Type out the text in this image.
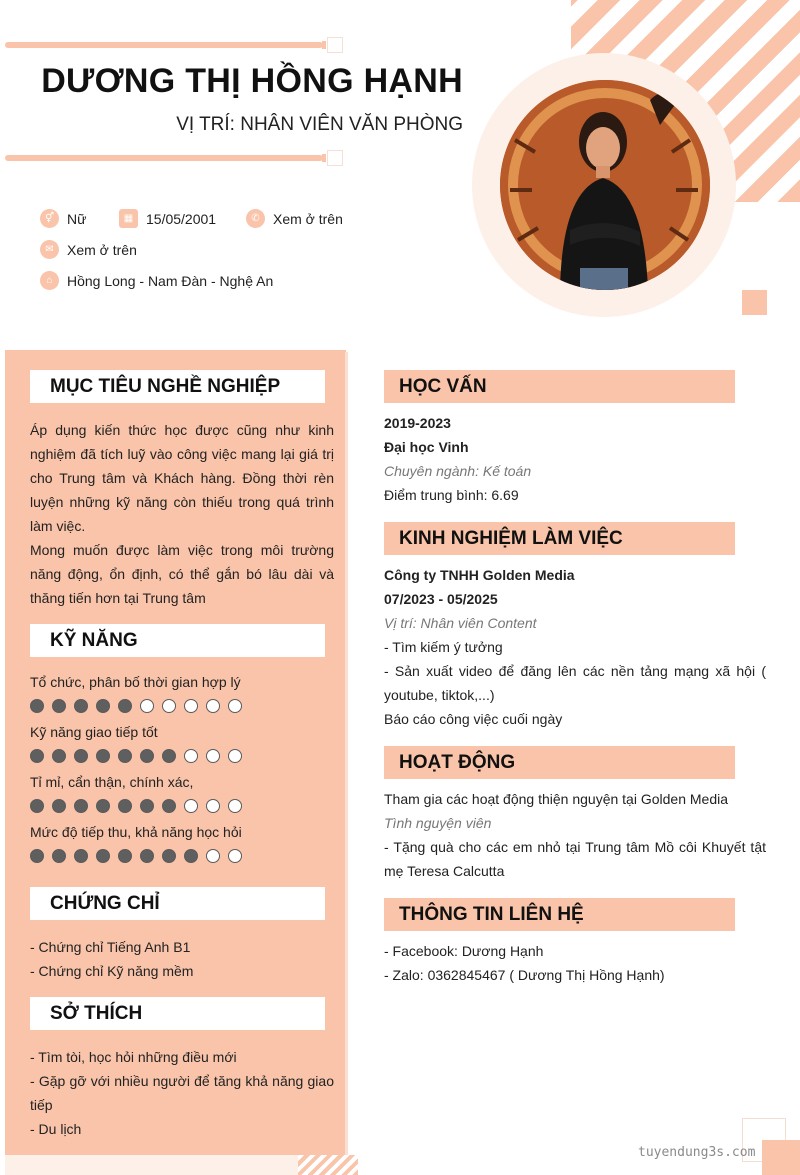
DƯƠNG THỊ HỒNG HẠNH
VỊ TRÍ: NHÂN VIÊN VĂN PHÒNG
⚥ Nữ	▦ 15/05/2001	✆ Xem ở trên
✉ Xem ở trên
⌂	Hồng Long - Nam Đàn - Nghệ An
MỤC TIÊU NGHỀ NGHIỆP
Áp dụng kiến thức học được cũng như kinh nghiệm đã tích luỹ vào công việc mang lại giá trị cho Trung tâm và Khách hàng. Đồng thời rèn luyện những kỹ năng còn thiếu trong quá trình làm việc.
Mong muốn được làm việc trong môi trường năng động, ổn định, có thể gắn bó lâu dài và thăng tiến hơn tại Trung tâm
KỸ NĂNG
Tổ chức, phân bố thời gian hợp lý
Kỹ năng giao tiếp tốt
Tỉ mỉ, cẩn thận, chính xác,
Mức độ tiếp thu, khả năng học hỏi
CHỨNG CHỈ
- Chứng chỉ Tiếng Anh B1
- Chứng chỉ Kỹ năng mềm
SỞ THÍCH
- Tìm tòi, học hỏi những điều mới
- Gặp gỡ với nhiều người để tăng khả năng giao tiếp
- Du lịch
HỌC VẤN
2019-2023
Đại học Vinh
Chuyên ngành: Kế toán
Điểm trung bình: 6.69
KINH NGHIỆM LÀM VIỆC
Công ty TNHH Golden Media
07/2023 - 05/2025
Vị trí: Nhân viên Content
- Tìm kiếm ý tưởng
- Sản xuất video để đăng lên các nền tảng mạng xã hội ( youtube, tiktok,...)
Báo cáo công việc cuối ngày
HOẠT ĐỘNG
Tham gia các hoạt động thiện nguyện tại Golden Media
Tình nguyện viên
- Tặng quà cho các em nhỏ tại Trung tâm Mồ côi Khuyết tật mẹ Teresa Calcutta
THÔNG TIN LIÊN HỆ
- Facebook: Dương Hạnh
- Zalo: 0362845467 ( Dương Thị Hồng Hạnh)
tuyendung3s.com
